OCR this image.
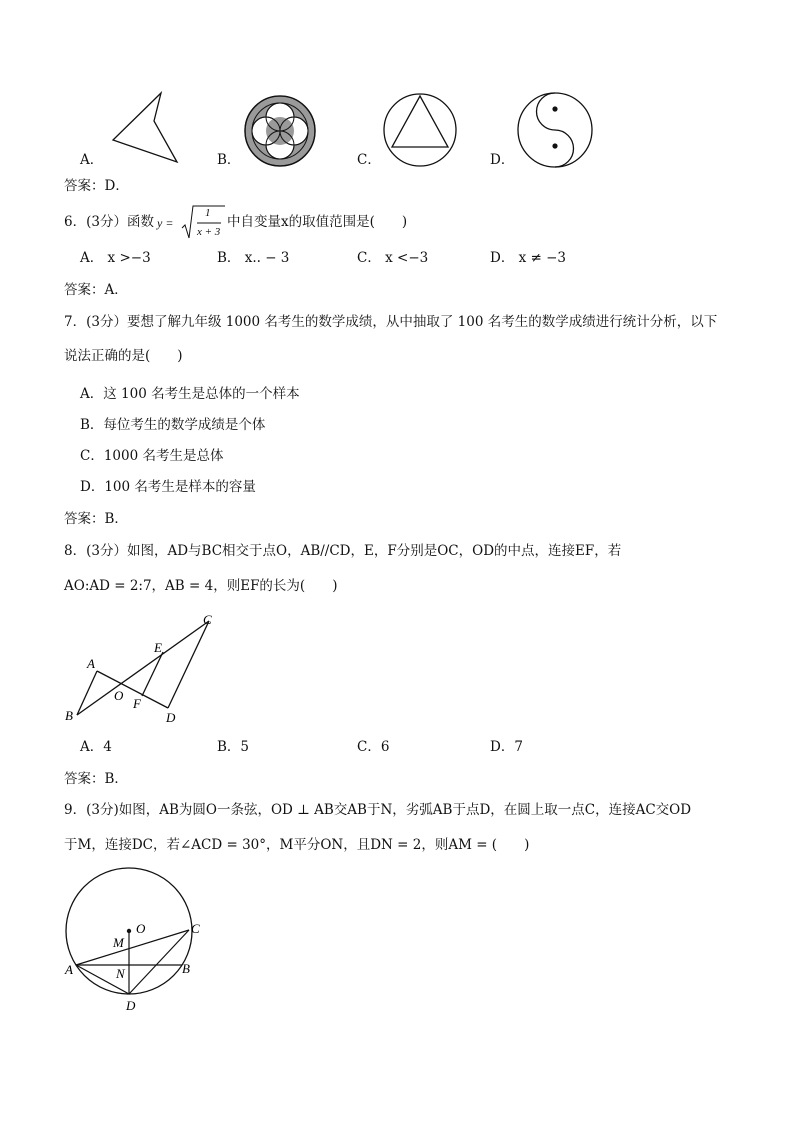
A．	B．	C．	D．
答案：D．
6．(3分）函数 y =
1
x + 3
中自变量x的取值范围是(　　)
A． x >−3	B． x.. − 3	C． x <−3	D． x ≠ −3
答案：A．
7．(3分）要想了解九年级 1000 名考生的数学成绩，从中抽取了 100 名考生的数学成绩进行统计分析，以下
说法正确的是(　　)
A．这 100 名考生是总体的一个样本
B．每位考生的数学成绩是个体
C．1000 名考生是总体
D．100 名考生是样本的容量
答案：B．
8．(3分）如图，AD与BC相交于点O，AB//CD，E，F分别是OC，OD的中点，连接EF，若
AO:AD = 2:7，AB = 4，则EF的长为(　　)
A
B
C
D
E
F
O
A．4	B．5	C．6	D．7
答案：B．
9．(3分)如图，AB为圆O一条弦，OD ⊥ AB交AB于N，劣弧AB于点D，在圆上取一点C，连接AC交OD
于M，连接DC，若∠ACD = 30°，M平分ON，且DN = 2，则AM = (　　)
O
M
C
A	N	B
D
